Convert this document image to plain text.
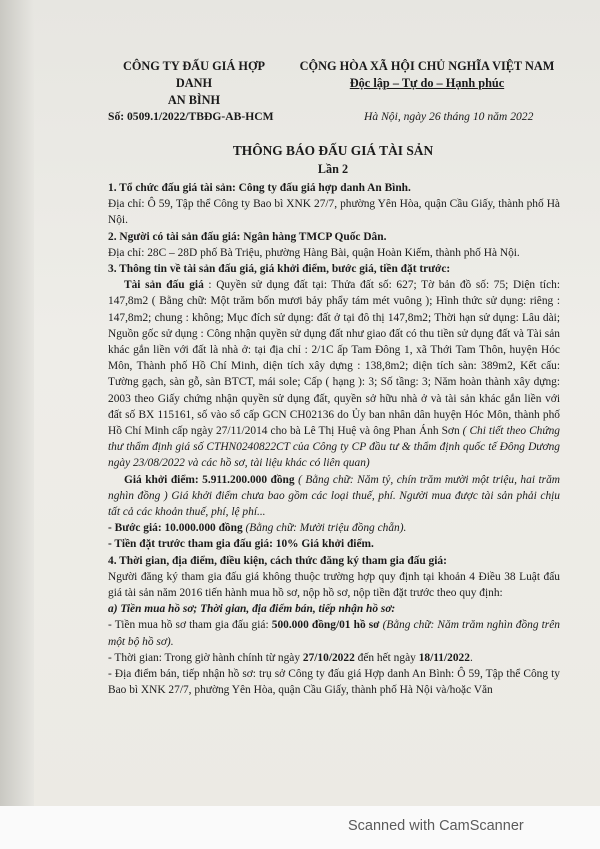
CÔNG TY ĐẤU GIÁ HỢP DANH
AN BÌNH
CỘNG HÒA XÃ HỘI CHỦ NGHĨA VIỆT NAM
Độc lập – Tự do – Hạnh phúc
Số: 0509.1/2022/TBĐG-AB-HCM	Hà Nội, ngày 26 tháng 10 năm 2022
THÔNG BÁO ĐẤU GIÁ TÀI SẢN
Lần 2

1. Tổ chức đấu giá tài sản: Công ty đấu giá hợp danh An Bình.

Địa chỉ: Ô 59, Tập thể Công ty Bao bì XNK 27/7, phường Yên Hòa, quận Cầu Giấy, thành phố Hà Nội.

2. Người có tài sản đấu giá: Ngân hàng TMCP Quốc Dân.

Địa chỉ: 28C – 28D phố Bà Triệu, phường Hàng Bài, quận Hoàn Kiếm, thành phố Hà Nội.

3. Thông tin về tài sản đấu giá, giá khởi điểm, bước giá, tiền đặt trước:

Tài sản đấu giá : Quyền sử dụng đất tại: Thửa đất số: 627; Tờ bản đồ số: 75; Diện tích: 147,8m2 ( Bằng chữ: Một trăm bốn mươi bảy phẩy tám mét vuông ); Hình thức sử dụng: riêng : 147,8m2; chung : không; Mục đích sử dụng: đất ở tại đô thị 147,8m2; Thời hạn sử dụng: Lâu dài; Nguồn gốc sử dụng : Công nhận quyền sử dụng đất như giao đất có thu tiền sử dụng đất và Tài sản khác gắn liền với đất là nhà ở: tại địa chỉ : 2/1C ấp Tam Đông 1, xã Thới Tam Thôn, huyện Hóc Môn, Thành phố Hồ Chí Minh, diện tích xây dựng : 138,8m2; diện tích sàn: 389m2, Kết cấu: Tường gạch, sàn gỗ, sàn BTCT, mái sole; Cấp ( hạng ): 3; Số tầng: 3; Năm hoàn thành xây dựng: 2003 theo Giấy chứng nhận quyền sử dụng đất, quyền sở hữu nhà ở và tài sản khác gắn liền với đất số BX 115161, số vào sổ cấp GCN CH02136 do Ủy ban nhân dân huyện Hóc Môn, thành phố Hồ Chí Minh cấp ngày 27/11/2014 cho bà Lê Thị Huệ và ông Phan Ánh Sơn ( Chi tiết theo Chứng thư thẩm định giá số CTHN0240822CT của Công ty CP đầu tư & thẩm định quốc tế Đông Dương ngày 23/08/2022 và các hồ sơ, tài liệu khác có liên quan)

Giá khởi điểm: 5.911.200.000 đồng ( Bằng chữ: Năm tỷ, chín trăm mười một triệu, hai trăm nghìn đồng ) Giá khởi điểm chưa bao gồm các loại thuế, phí. Người mua được tài sản phải chịu tất cả các khoản thuế, phí, lệ phí...

- Bước giá: 10.000.000 đồng (Bằng chữ: Mười triệu đồng chẵn).

- Tiền đặt trước tham gia đấu giá: 10% Giá khởi điểm.

4. Thời gian, địa điểm, điều kiện, cách thức đăng ký tham gia đấu giá:

Người đăng ký tham gia đấu giá không thuộc trường hợp quy định tại khoản 4 Điều 38 Luật đấu giá tài sản năm 2016 tiến hành mua hồ sơ, nộp hồ sơ, nộp tiền đặt trước theo quy định:

a) Tiền mua hồ sơ; Thời gian, địa điểm bán, tiếp nhận hồ sơ:

- Tiền mua hồ sơ tham gia đấu giá: 500.000 đồng/01 hồ sơ (Bằng chữ: Năm trăm nghìn đồng trên một bộ hồ sơ).

- Thời gian: Trong giờ hành chính từ ngày 27/10/2022 đến hết ngày 18/11/2022.

- Địa điểm bán, tiếp nhận hồ sơ: trụ sở Công ty đấu giá Hợp danh An Bình: Ô 59, Tập thể Công ty Bao bì XNK 27/7, phường Yên Hòa, quận Cầu Giấy, thành phố Hà Nội và/hoặc Văn

Scanned with CamScanner
